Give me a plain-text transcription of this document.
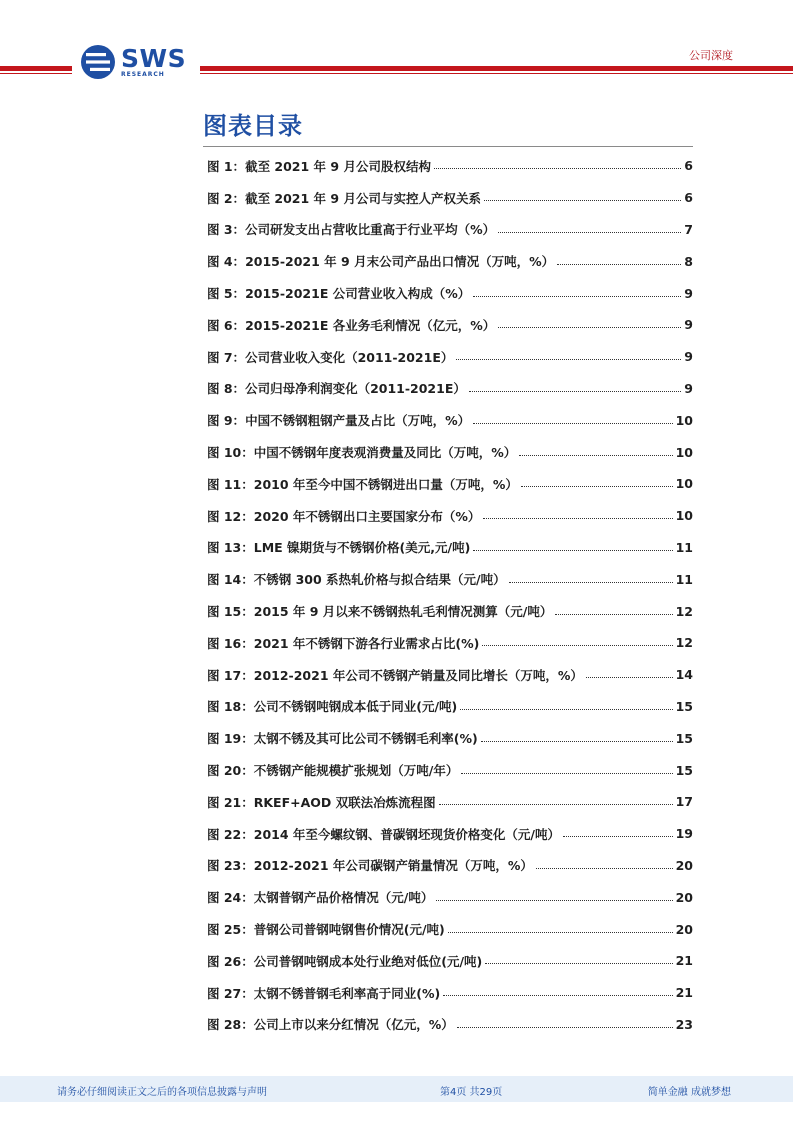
SWS
RESEARCH
公司深度
图表目录
图 1： 截至 2021 年 9 月公司股权结构	6
图 2： 截至 2021 年 9 月公司与实控人产权关系	6
图 3： 公司研发支出占营收比重高于行业平均（%）	7
图 4： 2015-2021 年 9 月末公司产品出口情况（万吨，%）	8
图 5： 2015-2021E 公司营业收入构成（%）	9
图 6： 2015-2021E 各业务毛利情况（亿元，%）	9
图 7： 公司营业收入变化（2011-2021E）	9
图 8： 公司归母净利润变化（2011-2021E）	9
图 9： 中国不锈钢粗钢产量及占比（万吨，%）	10
图 10： 中国不锈钢年度表观消费量及同比（万吨，%）	10
图 11： 2010 年至今中国不锈钢进出口量（万吨，%）	10
图 12： 2020 年不锈钢出口主要国家分布（%）	10
图 13： LME 镍期货与不锈钢价格(美元,元/吨)	11
图 14： 不锈钢 300 系热轧价格与拟合结果（元/吨）	11
图 15： 2015 年 9 月以来不锈钢热轧毛利情况测算（元/吨）	12
图 16： 2021 年不锈钢下游各行业需求占比(%)	12
图 17： 2012-2021 年公司不锈钢产销量及同比增长（万吨，%）	14
图 18： 公司不锈钢吨钢成本低于同业(元/吨)	15
图 19： 太钢不锈及其可比公司不锈钢毛利率(%)	15
图 20： 不锈钢产能规模扩张规划（万吨/年）	15
图 21： RKEF+AOD 双联法冶炼流程图	17
图 22： 2014 年至今螺纹钢、普碳钢坯现货价格变化（元/吨）	19
图 23： 2012-2021 年公司碳钢产销量情况（万吨，%）	20
图 24： 太钢普钢产品价格情况（元/吨）	20
图 25： 普钢公司普钢吨钢售价情况(元/吨)	20
图 26： 公司普钢吨钢成本处行业绝对低位(元/吨)	21
图 27： 太钢不锈普钢毛利率高于同业(%)	21
图 28： 公司上市以来分红情况（亿元，%）	23
请务必仔细阅读正文之后的各项信息披露与声明	第4页 共29页	简单金融 成就梦想
